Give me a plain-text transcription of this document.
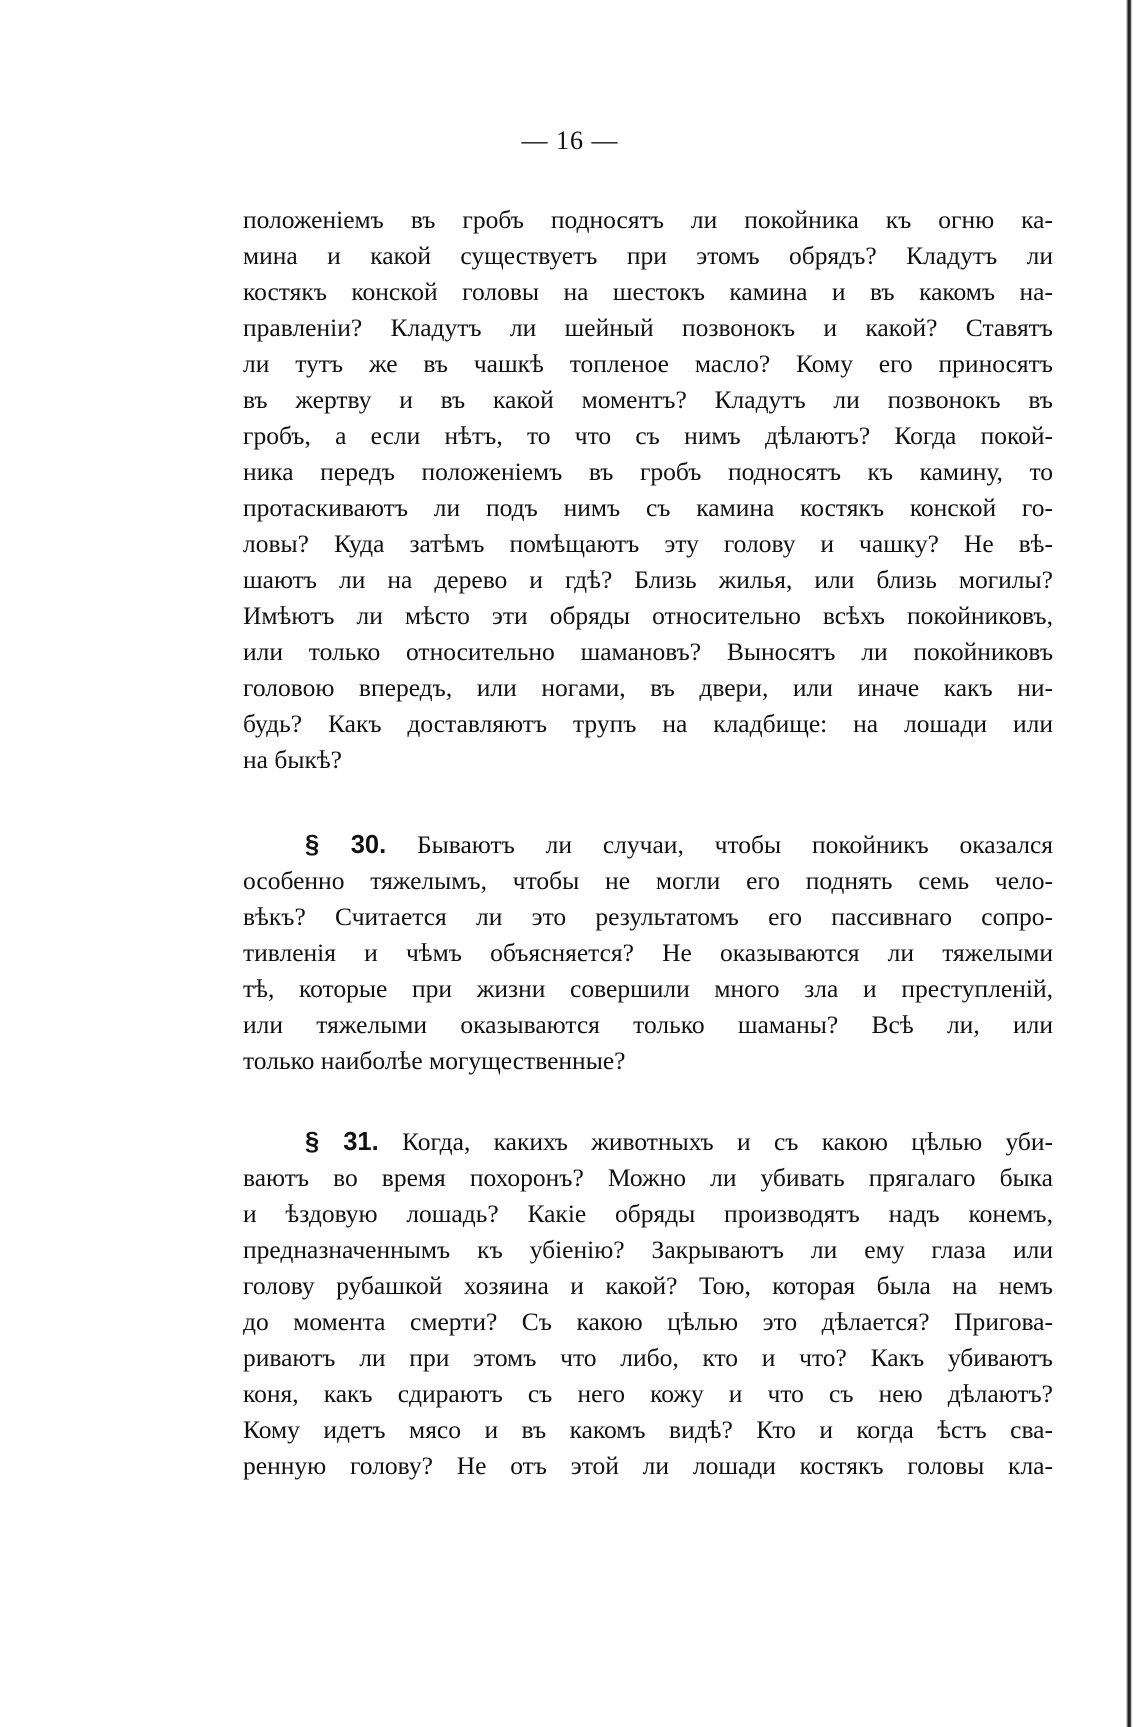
— 16 —
положеніемъ въ гробъ подносятъ ли покойника къ огню ка-
мина и какой существуетъ при этомъ обрядъ? Кладутъ ли
костякъ конской головы на шестокъ камина и въ какомъ на-
правленіи? Кладутъ ли шейный позвонокъ и какой? Ставятъ
ли тутъ же въ чашкѣ топленое масло? Кому его приносятъ
въ жертву и въ какой моментъ? Кладутъ ли позвонокъ въ
гробъ, а если нѣтъ, то что съ нимъ дѣлаютъ? Когда покой-
ника передъ положеніемъ въ гробъ подносятъ къ камину, то
протаскиваютъ ли подъ нимъ съ камина костякъ конской го-
ловы? Куда затѣмъ помѣщаютъ эту голову и чашку? Не вѣ-
шаютъ ли на дерево и гдѣ? Близь жилья, или близь могилы?
Имѣютъ ли мѣсто эти обряды относительно всѣхъ покойниковъ,
или только относительно шамановъ? Выносятъ ли покойниковъ
головою впередъ, или ногами, въ двери, или иначе какъ ни-
будь? Какъ доставляютъ трупъ на кладбище: на лошади или
на быкѣ?
§ 30. Бываютъ ли случаи, чтобы покойникъ оказался
особенно тяжелымъ, чтобы не могли его поднять семь чело-
вѣкъ? Считается ли это результатомъ его пассивнаго сопро-
тивленія и чѣмъ объясняется? Не оказываются ли тяжелыми
тѣ, которые при жизни совершили много зла и преступленій,
или тяжелыми оказываются только шаманы? Всѣ ли, или
только наиболѣе могущественные?
§ 31. Когда, какихъ животныхъ и съ какою цѣлью уби-
ваютъ во время похоронъ? Можно ли убивать прягалаго быка
и ѣздовую лошадь? Какіе обряды производятъ надъ конемъ,
предназначеннымъ къ убіенію? Закрываютъ ли ему глаза или
голову рубашкой хозяина и какой? Тою, которая была на немъ
до момента смерти? Съ какою цѣлью это дѣлается? Пригова-
риваютъ ли при этомъ что либо, кто и что? Какъ убиваютъ
коня, какъ сдираютъ съ него кожу и что съ нею дѣлаютъ?
Кому идетъ мясо и въ какомъ видѣ? Кто и когда ѣстъ сва-
ренную голову? Не отъ этой ли лошади костякъ головы кла-
